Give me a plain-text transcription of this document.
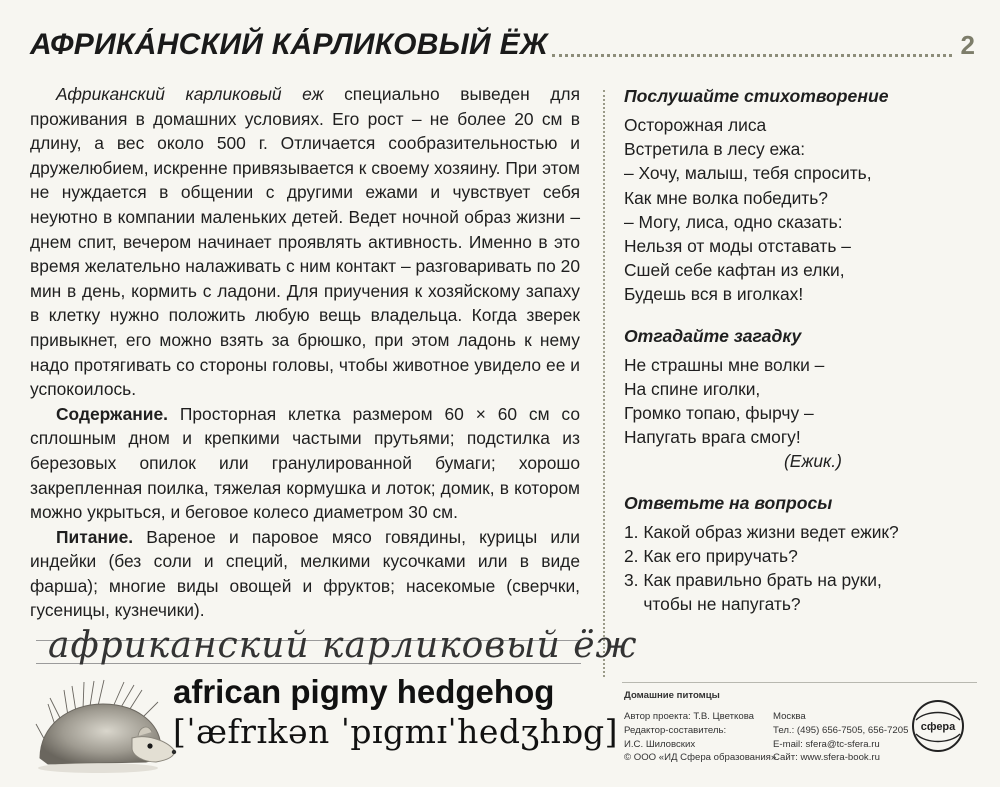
АФРИКА́НСКИЙ КА́РЛИКОВЫЙ ЁЖ	2

Африканский карликовый еж специально выведен для проживания в домашних условиях. Его рост – не более 20 см в длину, а вес около 500 г. Отличается сообразительностью и дружелюбием, искренне привязывается к своему хозяину. При этом не нуждается в общении с другими ежами и чувствует себя неуютно в компании маленьких детей. Ведет ночной образ жизни – днем спит, вечером начинает проявлять активность. Именно в это время желательно налаживать с ним контакт – разговаривать по 20 мин в день, кормить с ладони. Для приучения к хозяйскому запаху в клетку нужно положить любую вещь владельца. Когда зверек привыкнет, его можно взять за брюшко, при этом ладонь к нему надо протягивать со стороны головы, чтобы животное увидело ее и успокоилось.

Содержание. Просторная клетка размером 60 × 60 см со сплошным дном и крепкими частыми прутьями; подстилка из березовых опилок или гранулированной бумаги; хорошо закрепленная поилка, тяжелая кормушка и лоток; домик, в котором можно укрыться, и беговое колесо диаметром 30 см.

Питание. Вареное и паровое мясо говядины, курицы или индейки (без соли и специй, мелкими кусочками или в виде фарша); многие виды овощей и фруктов; насекомые (сверчки, гусеницы, кузнечики).

Послушайте стихотворение
Осторожная лиса
Встретила в лесу ежа:
– Хочу, малыш, тебя спросить,
Как мне волка победить?
– Могу, лиса, одно сказать:
Нельзя от моды отставать –
Сшей себе кафтан из елки,
Будешь вся в иголках!
Отгадайте загадку
Не страшны мне волки –
На спине иголки,
Громко топаю, фырчу –
Напугать врага смогу!
(Ежик.)
Ответьте на вопросы
1. Какой образ жизни ведет ежик?
2. Как его приручать?
3. Как правильно брать на руки,
чтобы не напугать?
африканский карликовый ёж
african pigmy hedgehog
[ˈæfrɪkən ˈpɪgmɪˈhedʒhɒg]
Домашние питомцы
Автор проекта: Т.В. Цветкова
Редактор-составитель:
И.С. Шиловских
© ООО «ИД Сфера образования»
Москва
Тел.: (495) 656-7505, 656-7205
E-mail: sfera@tc-sfera.ru
Сайт: www.sfera-book.ru
сфера
